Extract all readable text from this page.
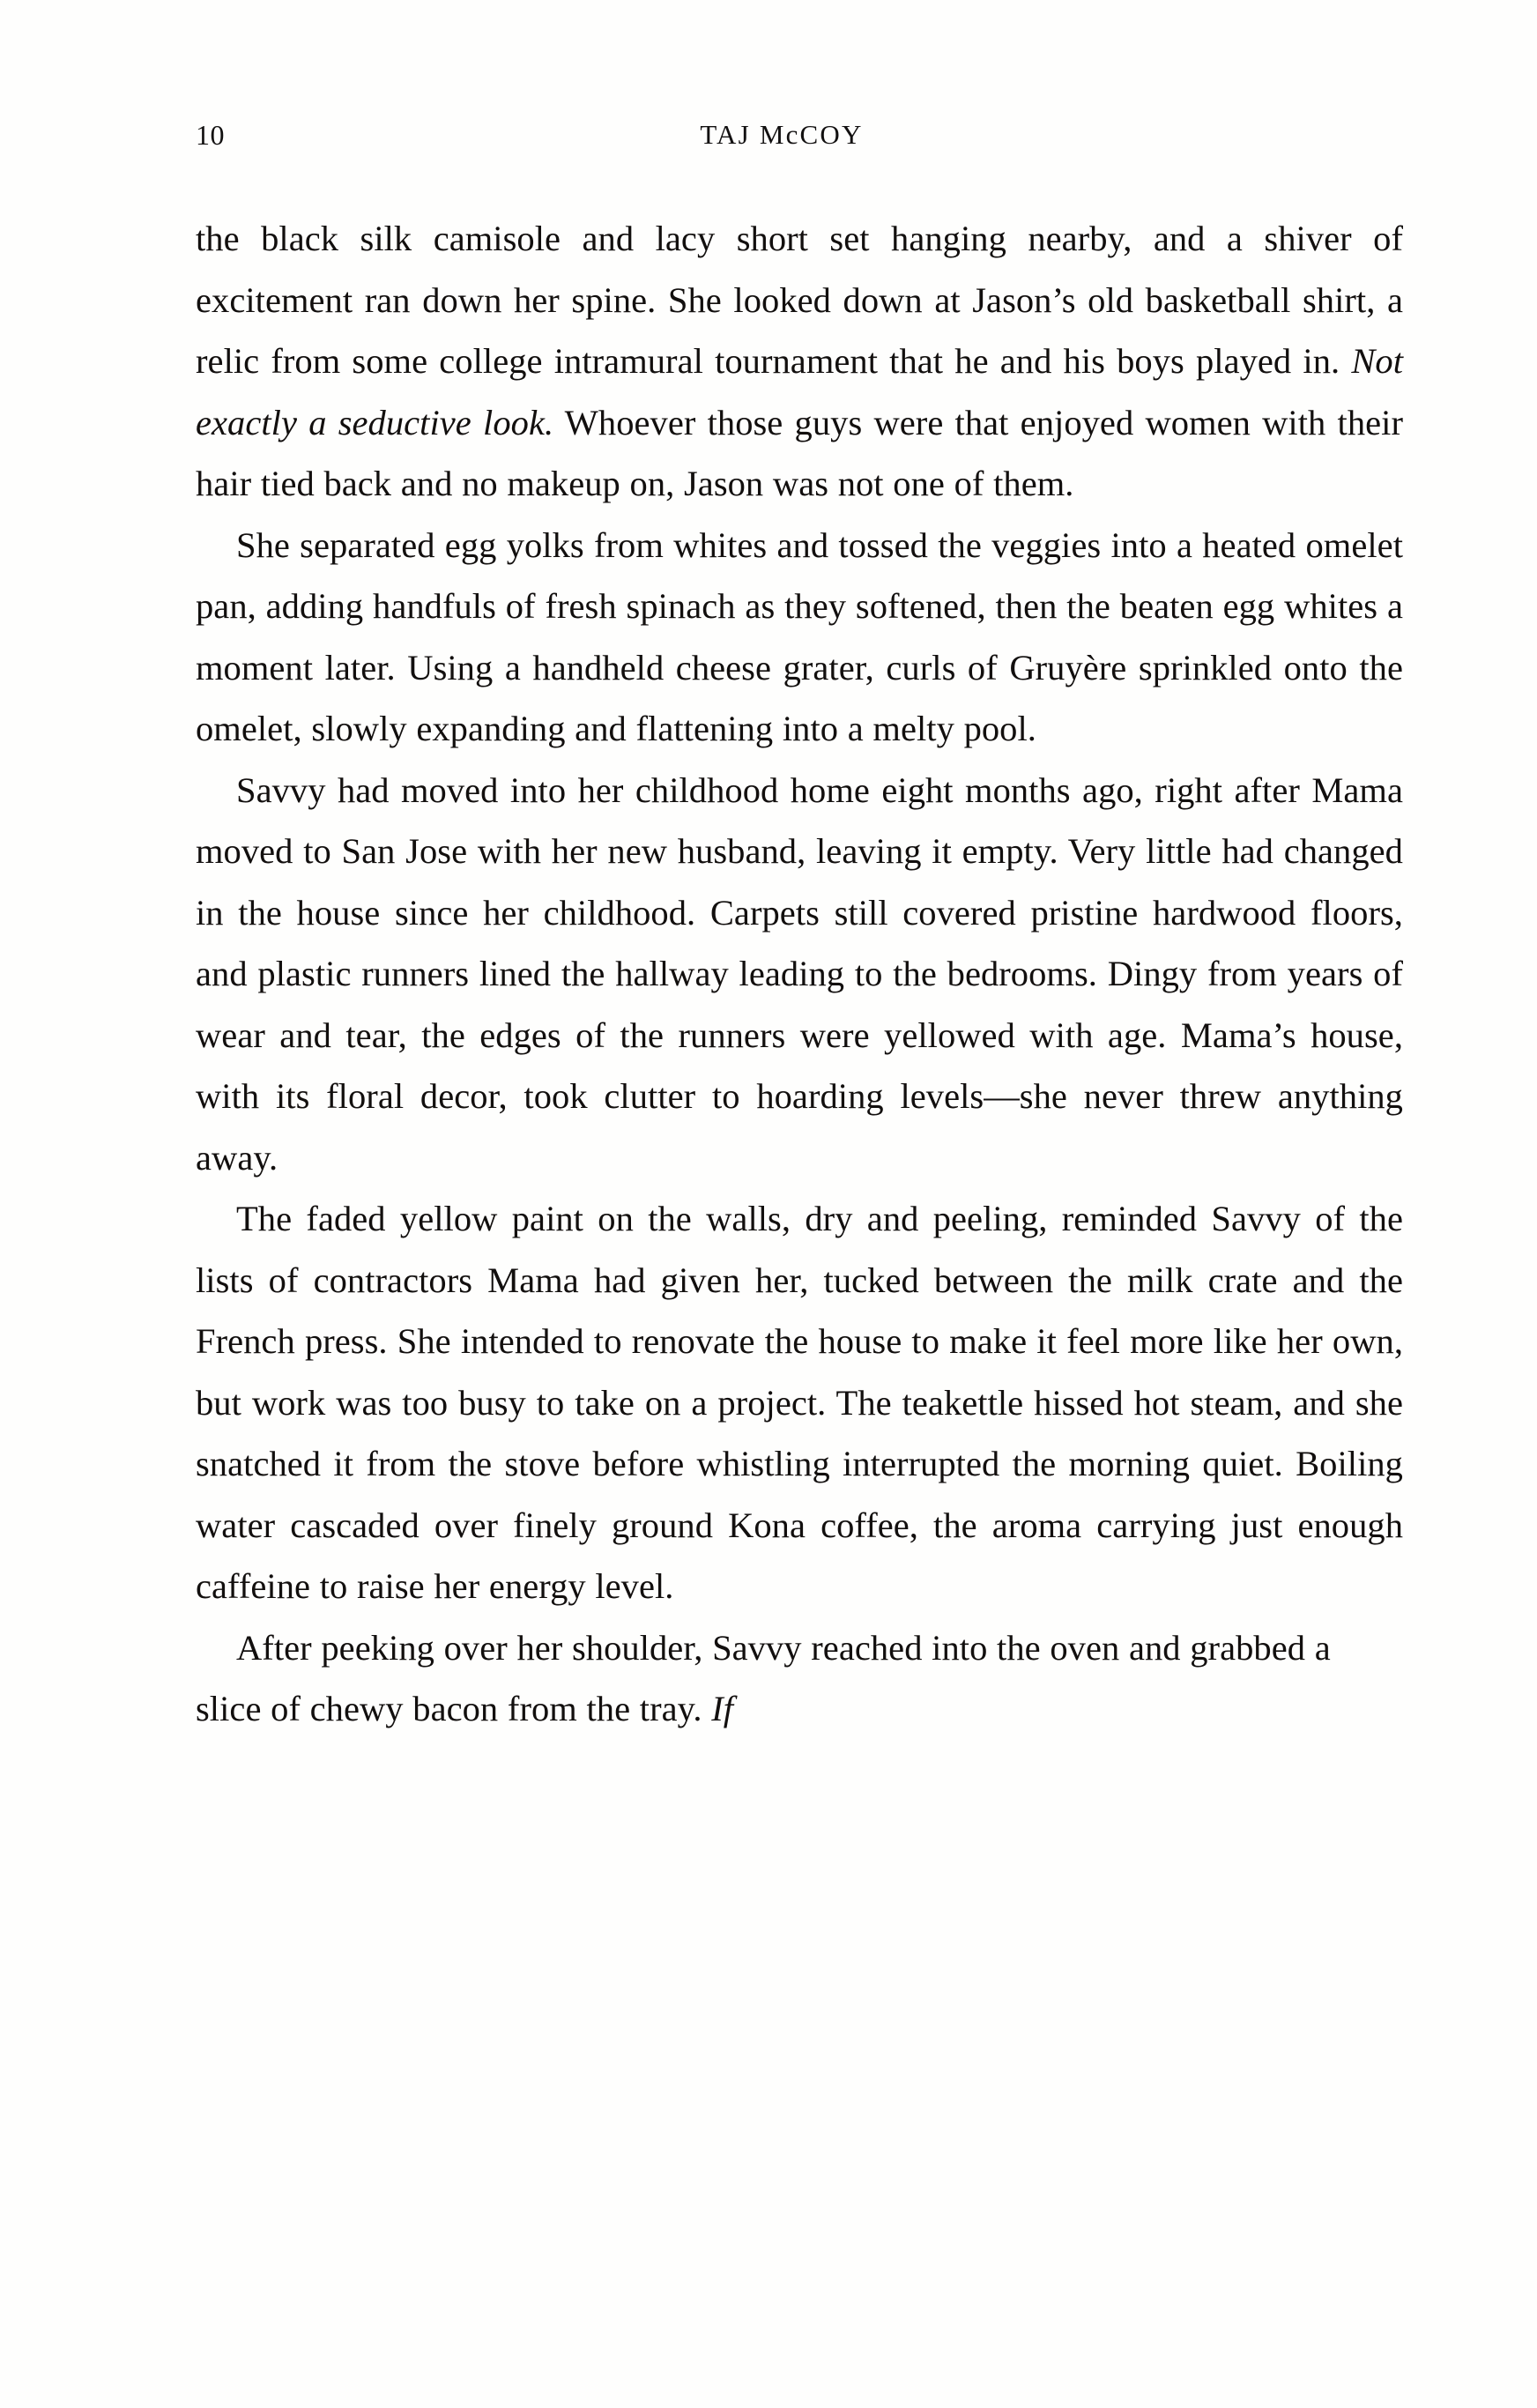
10	TAJ McCOY

the black silk camisole and lacy short set hanging nearby, and a shiver of excitement ran down her spine. She looked down at Jason’s old basketball shirt, a relic from some college intramural tournament that he and his boys played in. Not exactly a seductive look. Whoever those guys were that enjoyed women with their hair tied back and no makeup on, Jason was not one of them.

She separated egg yolks from whites and tossed the veggies into a heated omelet pan, adding handfuls of fresh spinach as they softened, then the beaten egg whites a moment later. Using a handheld cheese grater, curls of Gruyère sprinkled onto the omelet, slowly expanding and flattening into a melty pool.

Savvy had moved into her childhood home eight months ago, right after Mama moved to San Jose with her new husband, leaving it empty. Very little had changed in the house since her childhood. Carpets still covered pristine hardwood floors, and plastic runners lined the hallway leading to the bedrooms. Dingy from years of wear and tear, the edges of the runners were yellowed with age. Mama’s house, with its floral decor, took clutter to hoarding levels—she never threw anything away.

The faded yellow paint on the walls, dry and peeling, reminded Savvy of the lists of contractors Mama had given her, tucked between the milk crate and the French press. She intended to renovate the house to make it feel more like her own, but work was too busy to take on a project. The teakettle hissed hot steam, and she snatched it from the stove before whistling interrupted the morning quiet. Boiling water cascaded over finely ground Kona coffee, the aroma carrying just enough caffeine to raise her energy level.

After peeking over her shoulder, Savvy reached into the oven and grabbed a slice of chewy bacon from the tray. If
